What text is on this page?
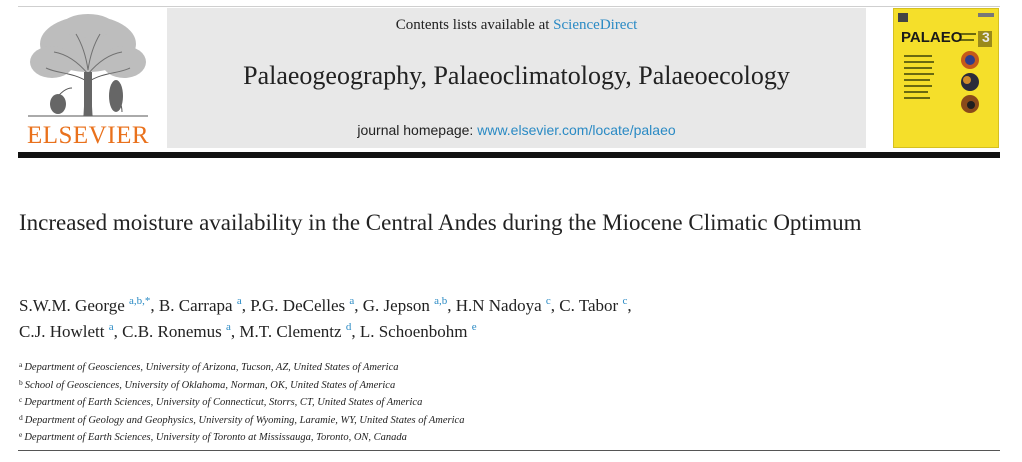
ELSEVIER
Contents lists available at ScienceDirect
Palaeogeography, Palaeoclimatology, Palaeoecology
journal homepage: www.elsevier.com/locate/palaeo
PALAEO 3
Increased moisture availability in the Central Andes during the Miocene Climatic Optimum
S.W.M. George $^{a,b,*}$, B. Carrapa $^a$, P.G. DeCelles $^a$, G. Jepson $^{a,b}$, H.N Nadoya $^c$, C. Tabor $^c$,
C.J. Howlett $^a$, C.B. Ronemus $^a$, M.T. Clementz $^d$, L. Schoenbohm $^e$
$^a$ Department of Geosciences, University of Arizona, Tucson, AZ, United States of America
$^b$ School of Geosciences, University of Oklahoma, Norman, OK, United States of America
$^c$ Department of Earth Sciences, University of Connecticut, Storrs, CT, United States of America
$^d$ Department of Geology and Geophysics, University of Wyoming, Laramie, WY, United States of America
$^e$ Department of Earth Sciences, University of Toronto at Mississauga, Toronto, ON, Canada
